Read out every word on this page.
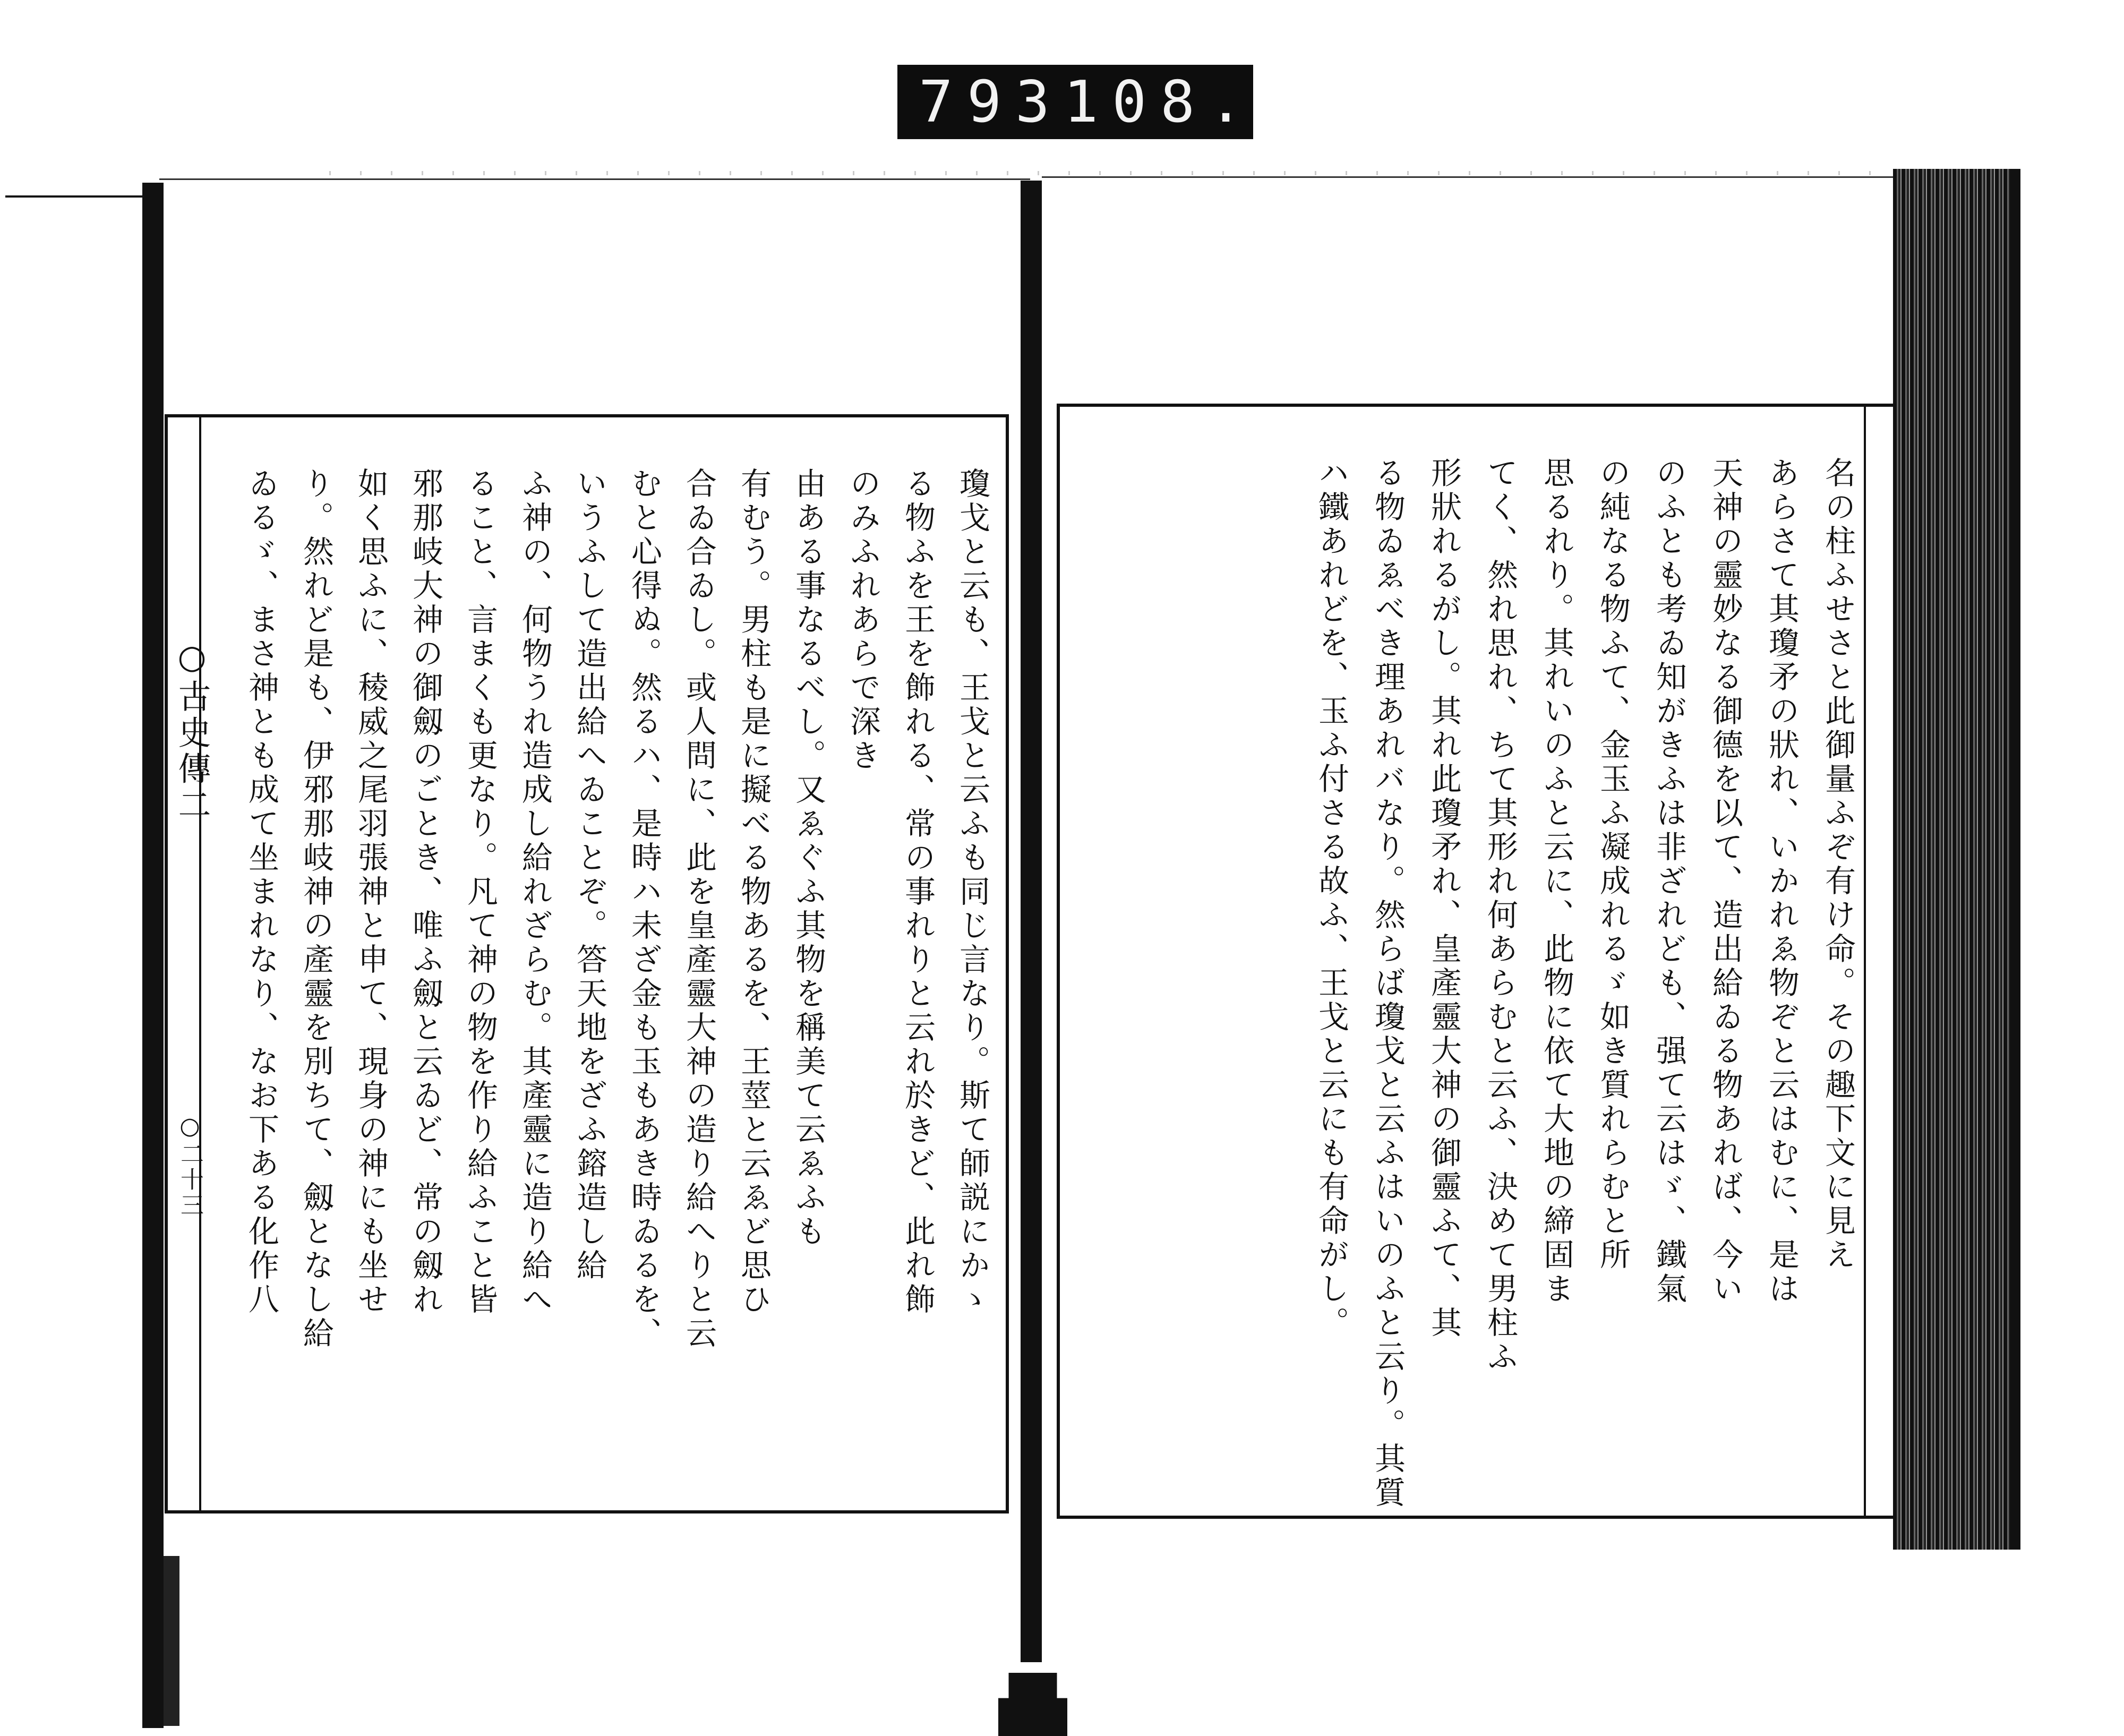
793 108.
○古史傳二
○二十三	瓊戈と云も、王戈と云ふも同じ言なり。斯て師説にかゝ
る物ふを王を飾れる、常の事れりと云れ於きど、此れ飾
のみふれあらで深き
由ある事なるべし。又ゑぐふ其物を稱美て云ゑふも
有むう。男柱も是に擬べる物あるを、王莖と云ゑど思ひ
合ゐ合ゐし。或人問に、此を皇產靈大神の造り給へりと云
むと心得ぬ。然るハ、是時ハ未ざ金も玉もあき時ゐるを、
いうふして造出給へゐことぞ。答天地をざふ鎔造し給
ふ神の、何物うれ造成し給れざらむ。其產靈に造り給へ
ること、言まくも更なり。凡て神の物を作り給ふこと皆
邪那岐大神の御劔のごとき、唯ふ劔と云ゐど、常の劔れ
如く思ふに、稜威之尾羽張神と申て、現身の神にも坐せ
り。然れど是も、伊邪那岐神の產靈を別ちて、劔となし給
ゐるゞ、まさ神とも成て坐まれなり、なお下ある化作八	名の柱ふせさと此御量ふぞ有け命。その趣下文に見え
あらさて其瓊矛の狀れ、いかれゑ物ぞと云はむに、是は
天神の靈妙なる御德を以て、造出給ゐる物あれば、今い
のふとも考ゐ知がきふは非ざれども、强て云はゞ、鐵氣
の純なる物ふて、金玉ふ凝成れるゞ如き質れらむと所
思るれり。其れいのふと云に、此物に依て大地の締固ま
てく、然れ思れ、ちて其形れ何あらむと云ふ、決めて男柱ふ
形狀れるがし。其れ此瓊矛れ、皇產靈大神の御靈ふて、其
る物ゐゑべき理あれバなり。然らば瓊戈と云ふはいのふと云り。其質
ハ鐵あれどを、玉ふ付さる故ふ、王戈と云にも有命がし。
